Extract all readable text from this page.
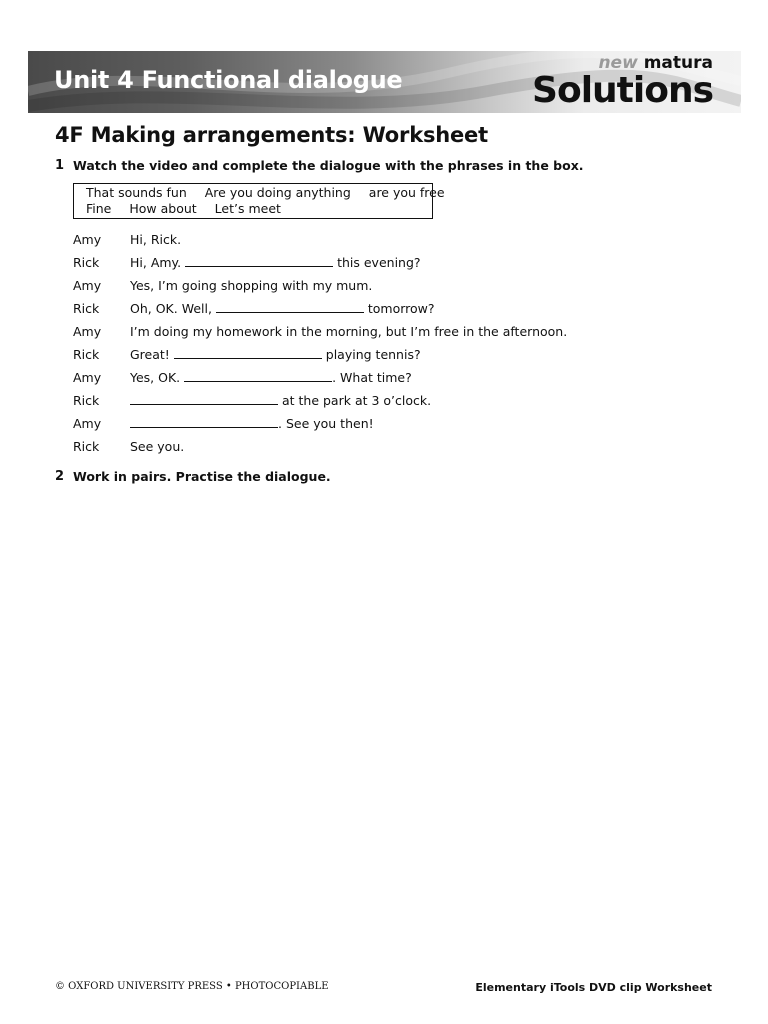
Unit 4 Functional dialogue
new matura
Solutions
4F Making arrangements: Worksheet
1 Watch the video and complete the dialogue with the phrases in the box.
That sounds fun Are you doing anything are you free
Fine How about Let’s meet
Amy Hi, Rick.
Rick Hi, Amy.	this evening?
Amy Yes, I’m going shopping with my mum.
Rick Oh, OK. Well,	tomorrow?
Amy I’m doing my homework in the morning, but I’m free in the afternoon.
Rick Great!	playing tennis?
Amy Yes, OK.	. What time?
Rick	at the park at 3 o’clock.
Amy	. See you then!
Rick See you.
2 Work in pairs. Practise the dialogue.
© OXFORD UNIVERSITY PRESS • PHOTOCOPIABLE	Elementary iTools DVD clip Worksheet
